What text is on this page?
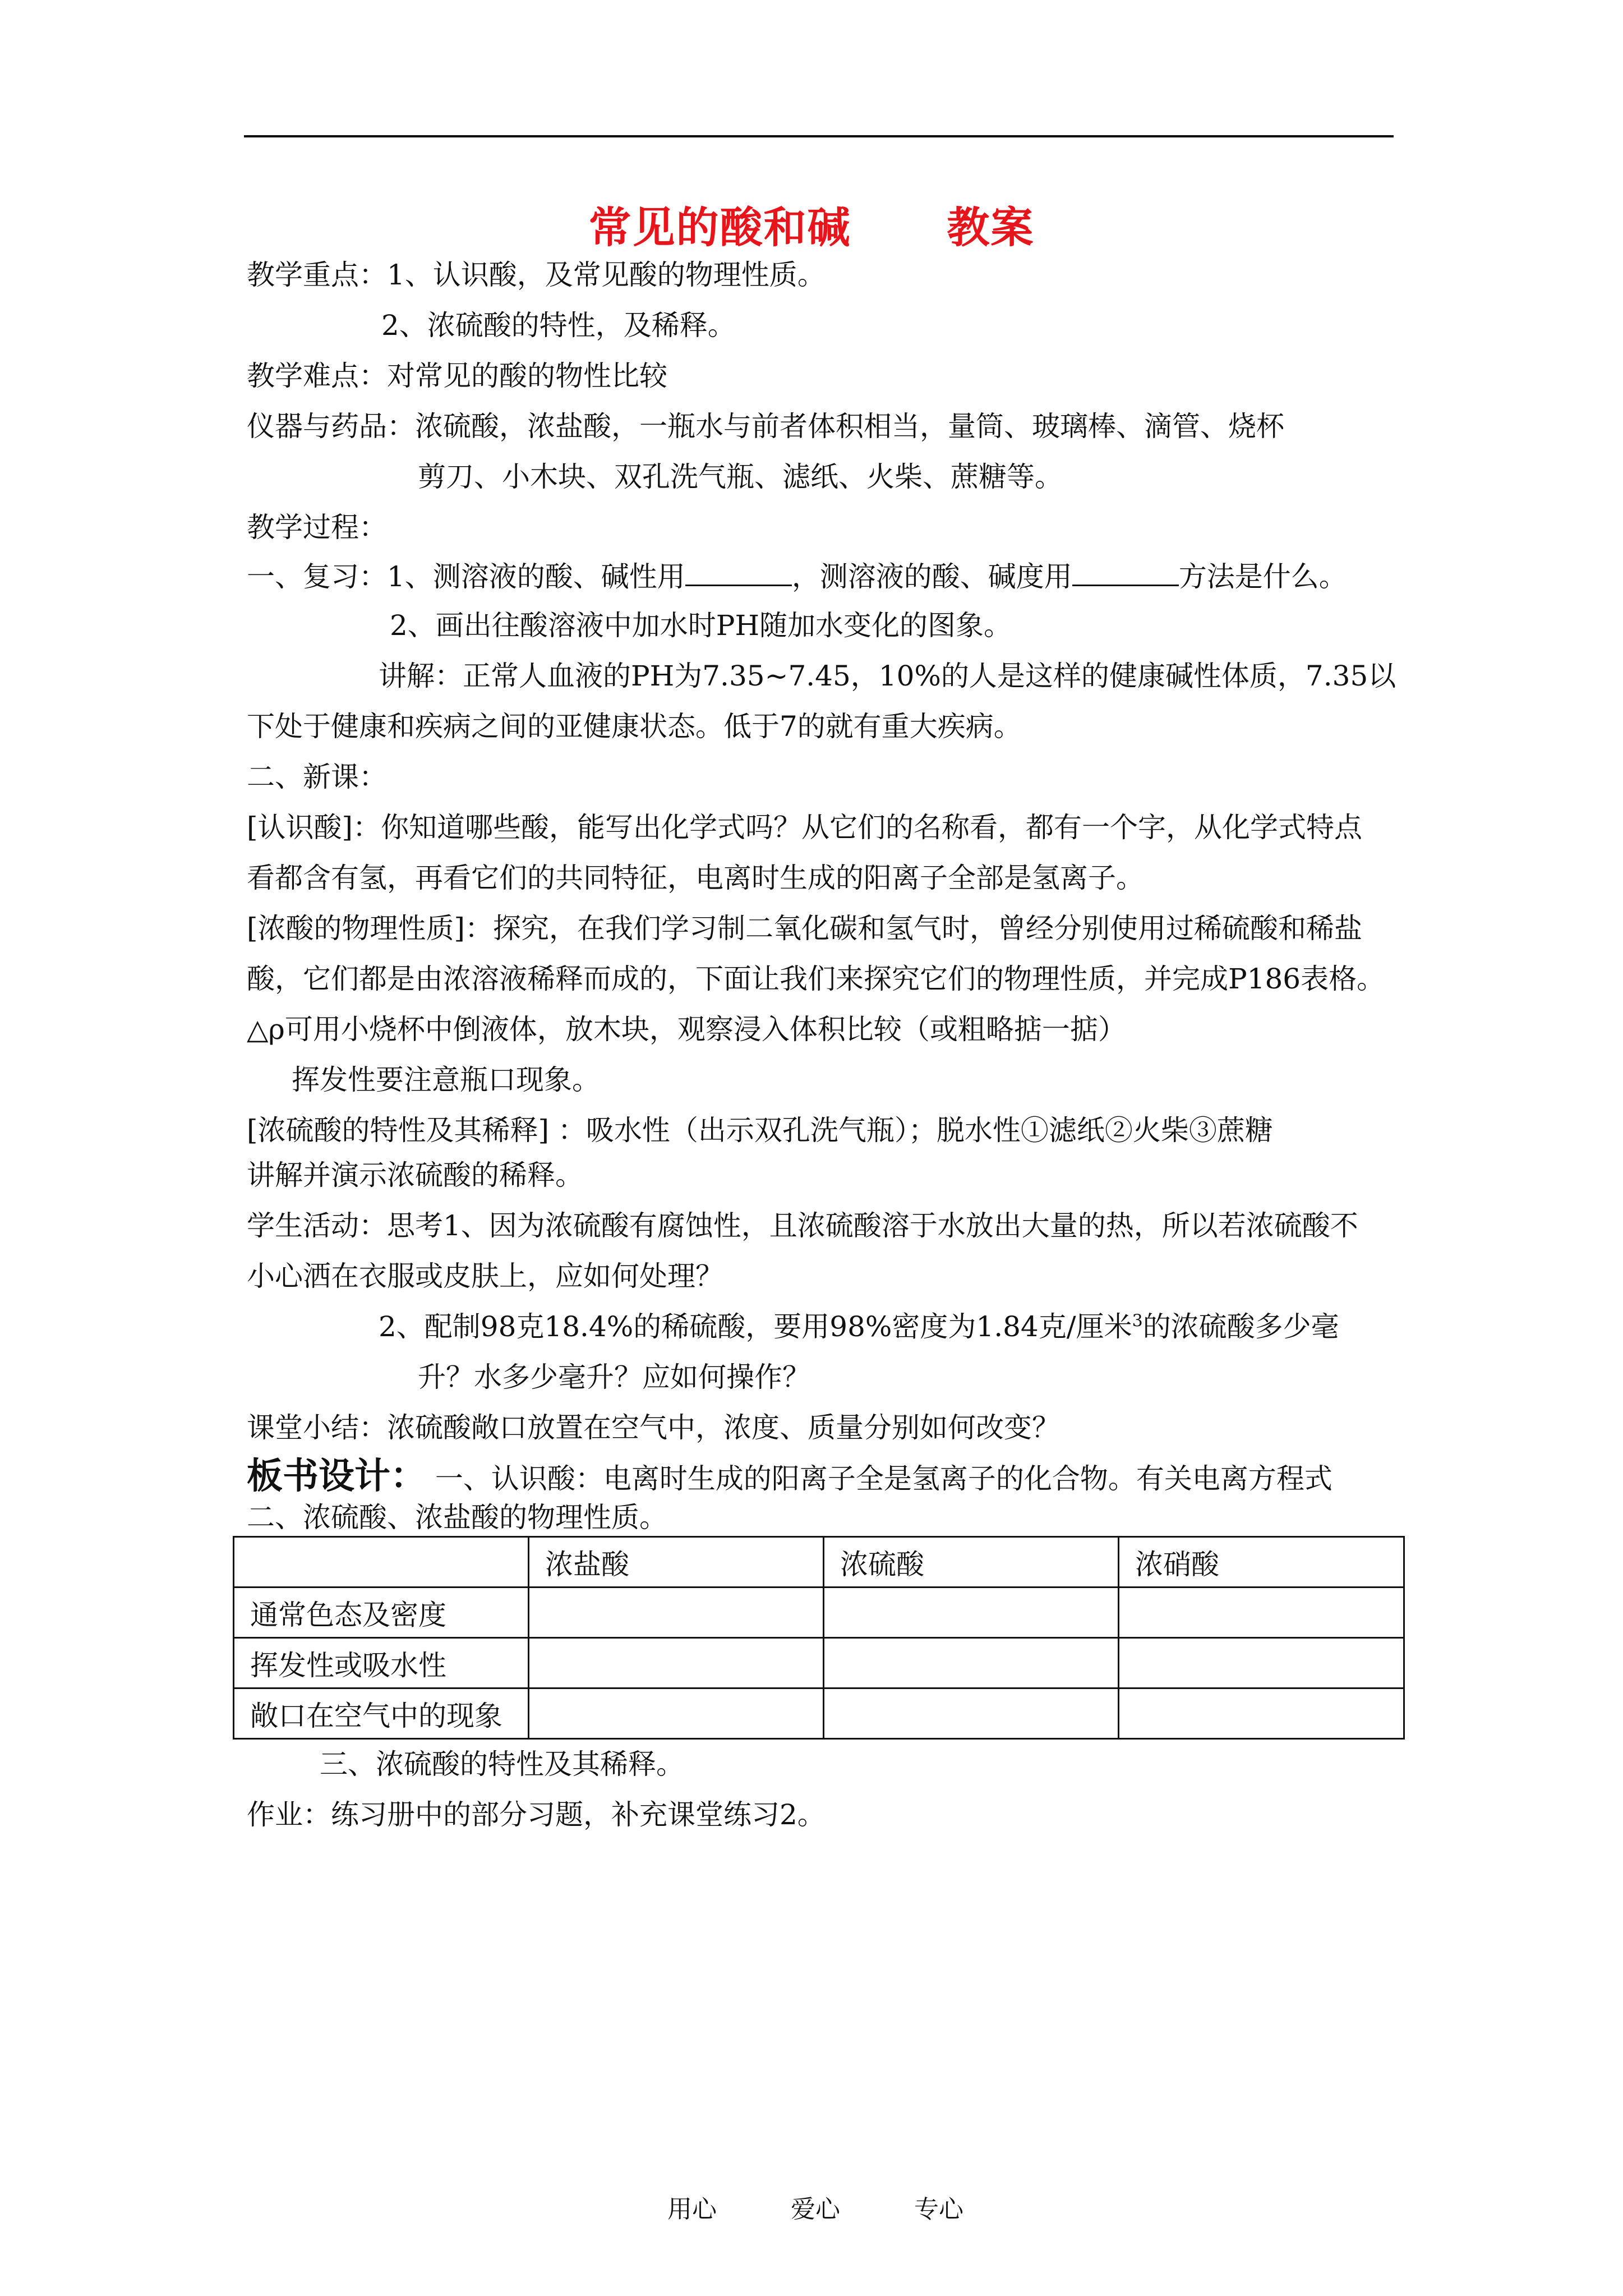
常见的酸和碱      教案
教学重点：1、认识酸，及常见酸的物理性质。
2、浓硫酸的特性，及稀释。
教学难点：对常见的酸的物性比较
仪器与药品：浓硫酸，浓盐酸，一瓶水与前者体积相当，量筒、玻璃棒、滴管、烧杯
剪刀、小木块、双孔洗气瓶、滤纸、火柴、蔗糖等。
教学过程：
一、复习：1、测溶液的酸、碱性用	，测溶液的酸、碱度用	方法是什么。
2、画出往酸溶液中加水时PH随加水变化的图象。
讲解：正常人血液的PH为7.35~7.45，10%的人是这样的健康碱性体质，7.35以
下处于健康和疾病之间的亚健康状态。低于7的就有重大疾病。
二、新课：
[认识酸]：你知道哪些酸，能写出化学式吗？从它们的名称看，都有一个字，从化学式特点
看都含有氢，再看它们的共同特征，电离时生成的阳离子全部是氢离子。
[浓酸的物理性质]：探究，在我们学习制二氧化碳和氢气时，曾经分别使用过稀硫酸和稀盐
酸，它们都是由浓溶液稀释而成的，下面让我们来探究它们的物理性质，并完成P186表格。
△ρ可用小烧杯中倒液体，放木块，观察浸入体积比较（或粗略掂一掂）
挥发性要注意瓶口现象。
[浓硫酸的特性及其稀释] ：吸水性（出示双孔洗气瓶）；脱水性①滤纸②火柴③蔗糖
讲解并演示浓硫酸的稀释。
学生活动：思考1、因为浓硫酸有腐蚀性，且浓硫酸溶于水放出大量的热，所以若浓硫酸不
小心洒在衣服或皮肤上，应如何处理？
2、配制98克18.4%的稀硫酸，要用98%密度为1.84克/厘米$^3$的浓硫酸多少毫
升？水多少毫升？应如何操作？
课堂小结：浓硫酸敞口放置在空气中，浓度、质量分别如何改变？
板书设计： 一、认识酸：电离时生成的阳离子全是氢离子的化合物。有关电离方程式
二、浓硫酸、浓盐酸的物理性质。
	浓盐酸	浓硫酸	浓硝酸
通常色态及密度			
挥发性或吸水性			
敞口在空气中的现象			
三、浓硫酸的特性及其稀释。
作业：练习册中的部分习题，补充课堂练习2。
用心	爱心	专心
